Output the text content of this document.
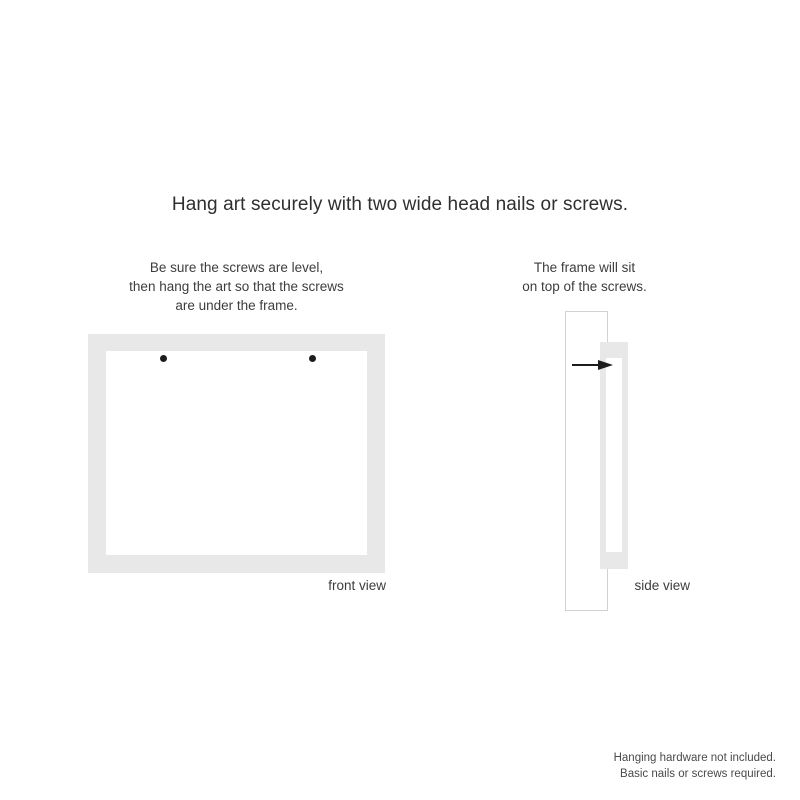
Hang art securely with two wide head nails or screws.
Be sure the screws are level,
then hang the art so that the screws
are under the frame.
front view
The frame will sit
on top of the screws.
side view
Hanging hardware not included.
Basic nails or screws required.
